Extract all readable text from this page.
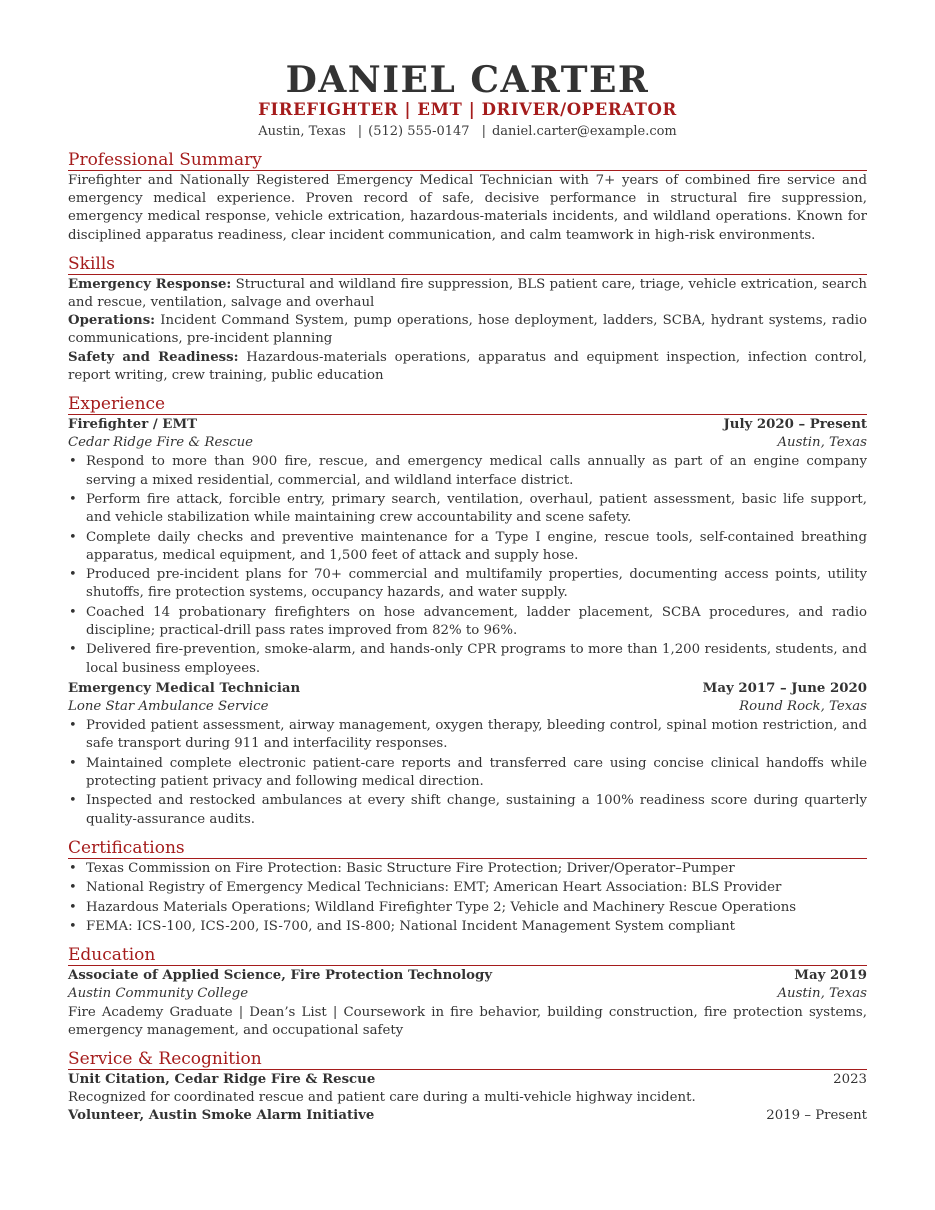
DANIEL CARTER
FIREFIGHTER | EMT | DRIVER/OPERATOR
Austin, Texas | (512) 555-0147 | daniel.carter@example.com
Professional Summary
Firefighter and Nationally Registered Emergency Medical Technician with 7+ years of combined fire service and emergency medical experience. Proven record of safe, decisive performance in structural fire suppression, emergency medical response, vehicle extrication, hazardous-materials incidents, and wildland operations. Known for disciplined apparatus readiness, clear incident communication, and calm teamwork in high-risk environments.
Skills
Emergency Response: Structural and wildland fire suppression, BLS patient care, triage, vehicle extrication, search and rescue, ventilation, salvage and overhaul
Operations: Incident Command System, pump operations, hose deployment, ladders, SCBA, hydrant systems, radio communications, pre-incident planning
Safety and Readiness: Hazardous-materials operations, apparatus and equipment inspection, infection control, report writing, crew training, public education
Experience
Firefighter / EMT	July 2020 – Present
Cedar Ridge Fire & Rescue	Austin, Texas
• Respond to more than 900 fire, rescue, and emergency medical calls annually as part of an engine company serving a mixed residential, commercial, and wildland interface district.
• Perform fire attack, forcible entry, primary search, ventilation, overhaul, patient assessment, basic life support, and vehicle stabilization while maintaining crew accountability and scene safety.
• Complete daily checks and preventive maintenance for a Type I engine, rescue tools, self-contained breathing apparatus, medical equipment, and 1,500 feet of attack and supply hose.
• Produced pre-incident plans for 70+ commercial and multifamily properties, documenting access points, utility shutoffs, fire protection systems, occupancy hazards, and water supply.
• Coached 14 probationary firefighters on hose advancement, ladder placement, SCBA procedures, and radio discipline; practical-drill pass rates improved from 82% to 96%.
• Delivered fire-prevention, smoke-alarm, and hands-only CPR programs to more than 1,200 residents, students, and local business employees.
Emergency Medical Technician	May 2017 – June 2020
Lone Star Ambulance Service	Round Rock, Texas
• Provided patient assessment, airway management, oxygen therapy, bleeding control, spinal motion restriction, and safe transport during 911 and interfacility responses.
• Maintained complete electronic patient-care reports and transferred care using concise clinical handoffs while protecting patient privacy and following medical direction.
• Inspected and restocked ambulances at every shift change, sustaining a 100% readiness score during quarterly quality-assurance audits.
Certifications
• Texas Commission on Fire Protection: Basic Structure Fire Protection; Driver/Operator–Pumper
• National Registry of Emergency Medical Technicians: EMT; American Heart Association: BLS Provider
• Hazardous Materials Operations; Wildland Firefighter Type 2; Vehicle and Machinery Rescue Operations
• FEMA: ICS-100, ICS-200, IS-700, and IS-800; National Incident Management System compliant
Education
Associate of Applied Science, Fire Protection Technology	May 2019
Austin Community College	Austin, Texas
Fire Academy Graduate | Dean’s List | Coursework in fire behavior, building construction, fire protection systems, emergency management, and occupational safety
Service & Recognition
Unit Citation, Cedar Ridge Fire & Rescue	2023
Recognized for coordinated rescue and patient care during a multi-vehicle highway incident.
Volunteer, Austin Smoke Alarm Initiative	2019 – Present
